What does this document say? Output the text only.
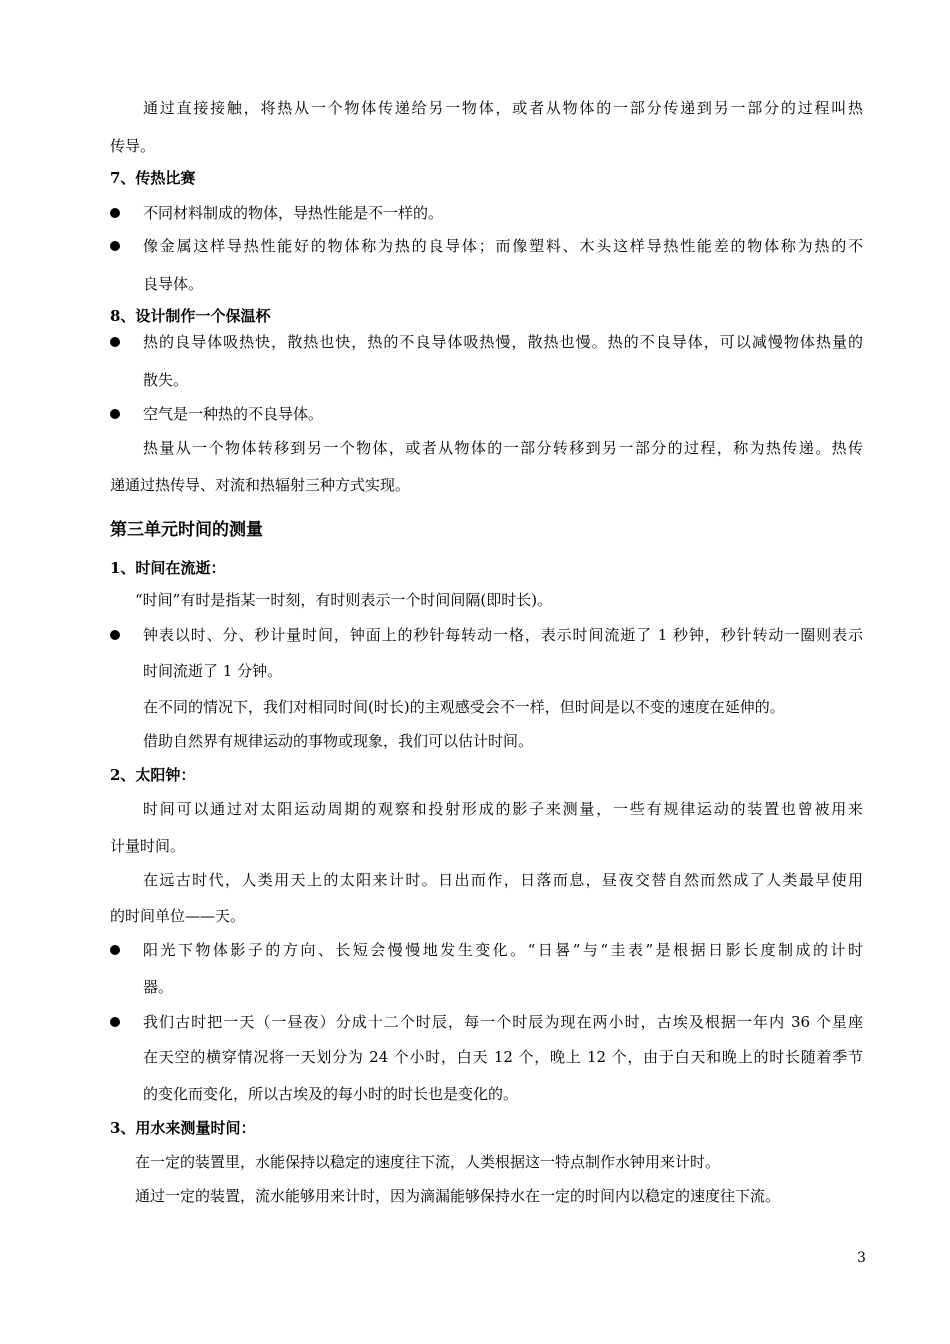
通过直接接触，将热从一个物体传递给另一物体，或者从物体的一部分传递到另一部分的过程叫热
传导。
7、传热比赛
不同材料制成的物体，导热性能是不一样的。
像金属这样导热性能好的物体称为热的良导体；而像塑料、木头这样导热性能差的物体称为热的不
良导体。
8、设计制作一个保温杯
热的良导体吸热快，散热也快，热的不良导体吸热慢，散热也慢。热的不良导体，可以减慢物体热量的
散失。
空气是一种热的不良导体。
热量从一个物体转移到另一个物体，或者从物体的一部分转移到另一部分的过程，称为热传递。热传
递通过热传导、对流和热辐射三种方式实现。
第三单元时间的测量
1、时间在流逝：
“时间”有时是指某一时刻，有时则表示一个时间间隔(即时长)。
钟表以时、分、秒计量时间，钟面上的秒针每转动一格，表示时间流逝了 1 秒钟，秒针转动一圈则表示
时间流逝了 1 分钟。
在不同的情况下，我们对相同时间(时长)的主观感受会不一样，但时间是以不变的速度在延伸的。
借助自然界有规律运动的事物或现象，我们可以估计时间。
2、太阳钟：
时间可以通过对太阳运动周期的观察和投射形成的影子来测量，一些有规律运动的装置也曾被用来
计量时间。
在远古时代，人类用天上的太阳来计时。日出而作，日落而息，昼夜交替自然而然成了人类最早使用
的时间单位——天。
阳光下物体影子的方向、长短会慢慢地发生变化。“日晷”与“圭表”是根据日影长度制成的计时
器。
我们古时把一天（一昼夜）分成十二个时辰，每一个时辰为现在两小时，古埃及根据一年内 36 个星座
在天空的横穿情况将一天划分为 24 个小时，白天 12 个，晚上 12 个，由于白天和晚上的时长随着季节
的变化而变化，所以古埃及的每小时的时长也是变化的。
3、用水来测量时间：
在一定的装置里，水能保持以稳定的速度往下流，人类根据这一特点制作水钟用来计时。
通过一定的装置，流水能够用来计时，因为滴漏能够保持水在一定的时间内以稳定的速度往下流。
3
